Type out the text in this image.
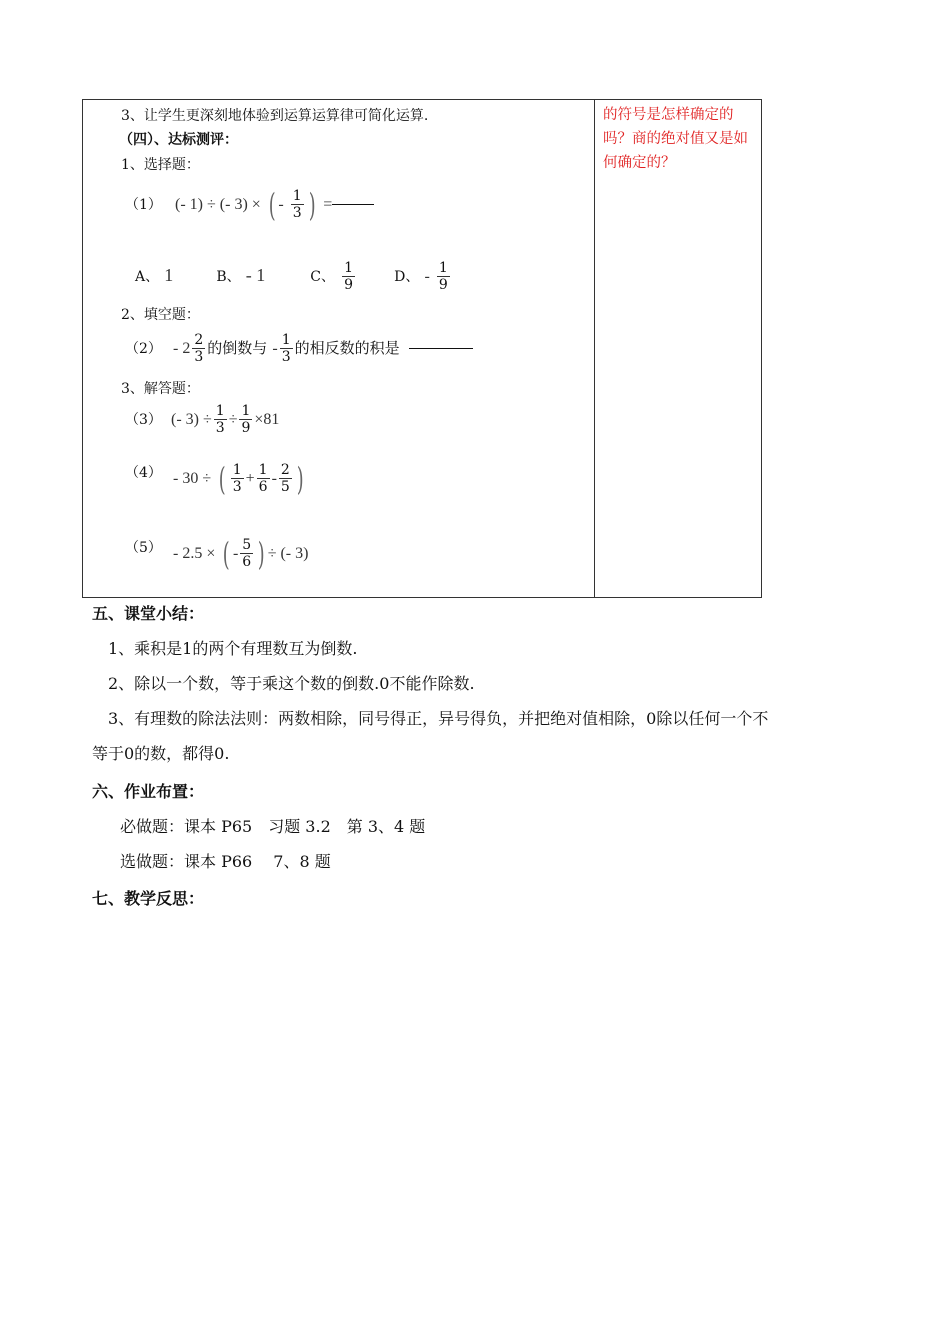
3、让学生更深刻地体验到运算运算律可简化运算.
（四）、达标测评：
1、选择题：
（1） (- 1) ÷ (- 3) × ( - $\frac{1}{3}$ ) =
A、 1	B、 - 1	C、 $\frac{1}{9}$	D、 - $\frac{1}{9}$
2、填空题：
$(2) - 2 \frac{2}{3}$ 的倒数与 - $\frac{1}{3}$ 的相反数的积是
3、解答题：
（3） (- $3) \div \frac{1}{3} \div \frac{1}{9} \times 81$
（4） - 30 ÷ ( $\frac{1}{3} + \frac{1}{6} - \frac{2}{5}$ )
（5） - 2.5 × ( - $\frac{5}{6}$ ) ÷ (- 3)
的符号是怎样确定的吗？商的绝对值又是如何确定的？
五、课堂小结：
1、乘积是1的两个有理数互为倒数.
2、除以一个数，等于乘这个数的倒数.0不能作除数.
3、有理数的除法法则：两数相除，同号得正，异号得负，并把绝对值相除，0除以任何一个不
等于0的数，都得0.
六、作业布置：
必做题：课本 P65　习题 3.2　第 3、4 题
选做题：课本 P66　 7、8 题
七、教学反思：
